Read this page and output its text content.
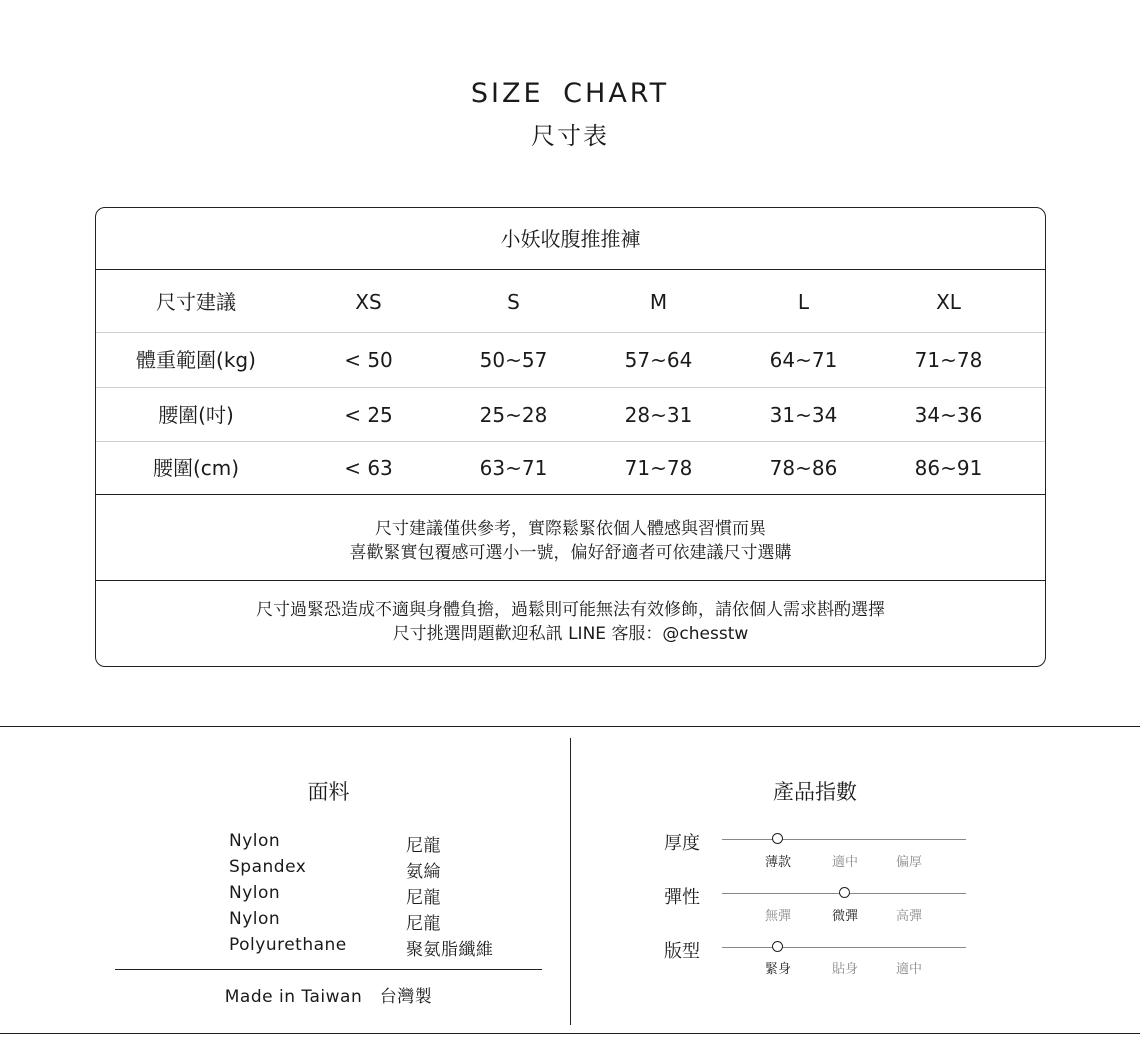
SIZE CHART
尺寸表
小妖收腹推推褲
尺寸建議	XS	S	M	L	XL
體重範圍(kg)	< 50	50~57	57~64	64~71	71~78
腰圍(吋)	< 25	25~28	28~31	31~34	34~36
腰圍(cm)	< 63	63~71	71~78	78~86	86~91
尺寸建議僅供參考，實際鬆緊依個人體感與習慣而異
喜歡緊實包覆感可選小一號，偏好舒適者可依建議尺寸選購
尺寸過緊恐造成不適與身體負擔，過鬆則可能無法有效修飾，請依個人需求斟酌選擇
尺寸挑選問題歡迎私訊 LINE 客服：@chesstw
面料
Nylon	尼龍
Spandex	氨綸
Nylon	尼龍
Nylon	尼龍
Polyurethane	聚氨脂纖維
Made in Taiwan　台灣製
產品指數
厚度
薄款	適中	偏厚
彈性
無彈	微彈	高彈
版型
緊身	貼身	適中
